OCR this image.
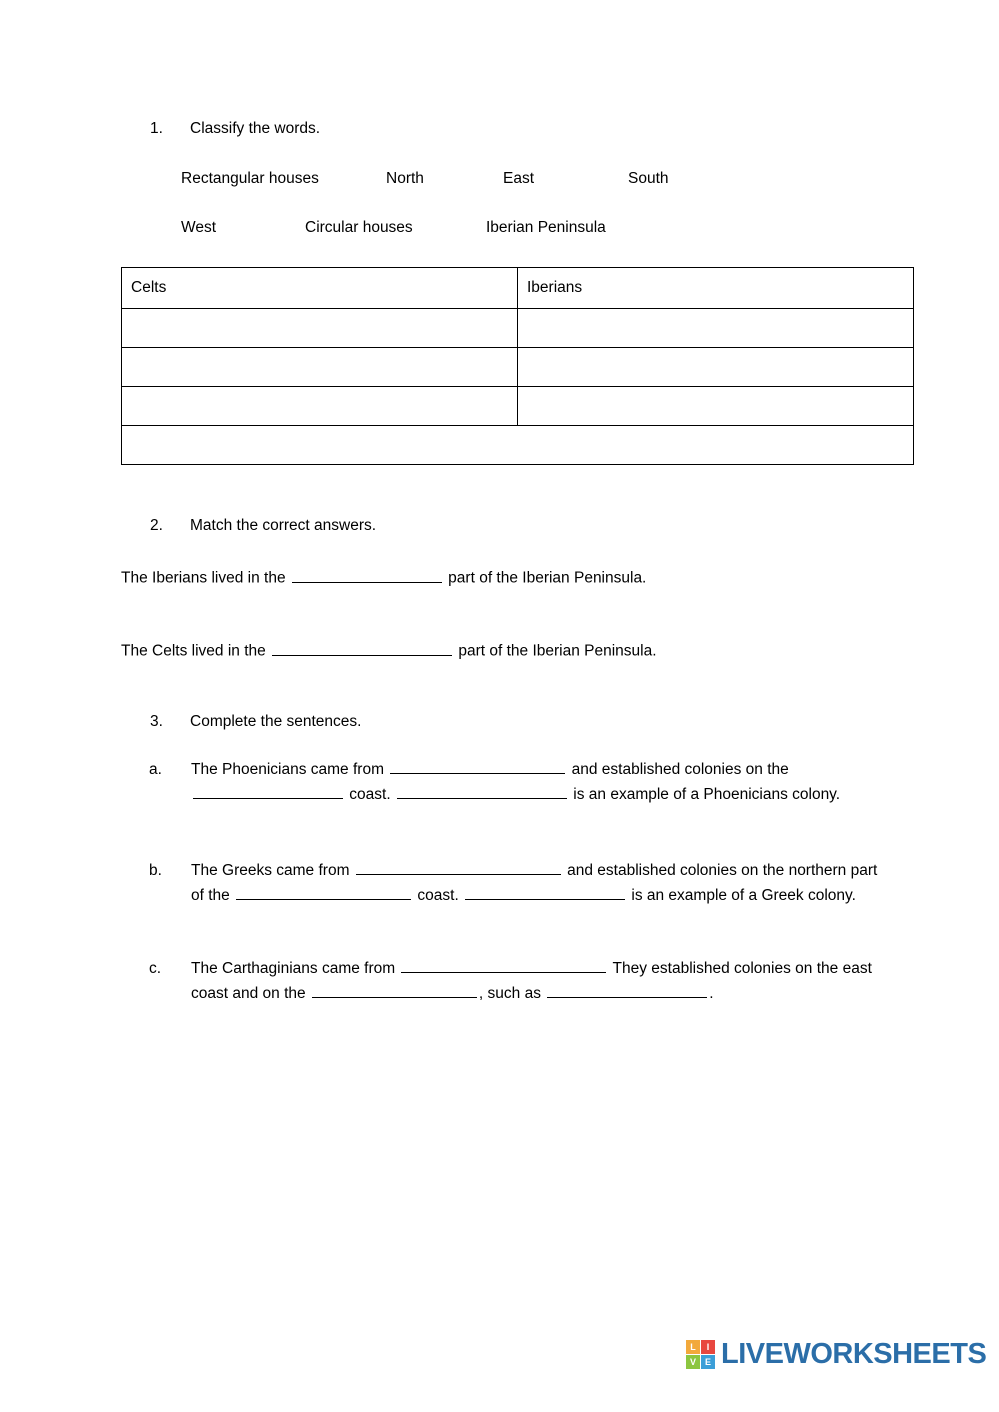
1.	Classify the words.
Rectangular houses	North	East	South
West	Circular houses	Iberian Peninsula
Celts	Iberians

2.	Match the correct answers.
The Iberians lived in the	part of the Iberian Peninsula.
The Celts lived in the	part of the Iberian Peninsula.
3.	Complete the sentences.
a.	The Phoenicians came from	and established colonies on the  coast.	is an example of a Phoenicians colony.
b.	The Greeks came from	and established colonies on the northern part of the	coast.	is an example of a Greek colony.
c.	The Carthaginians came from	They established colonies on the east coast and on the	, such as	.
L	I
V E LIVEWORKSHEETS
